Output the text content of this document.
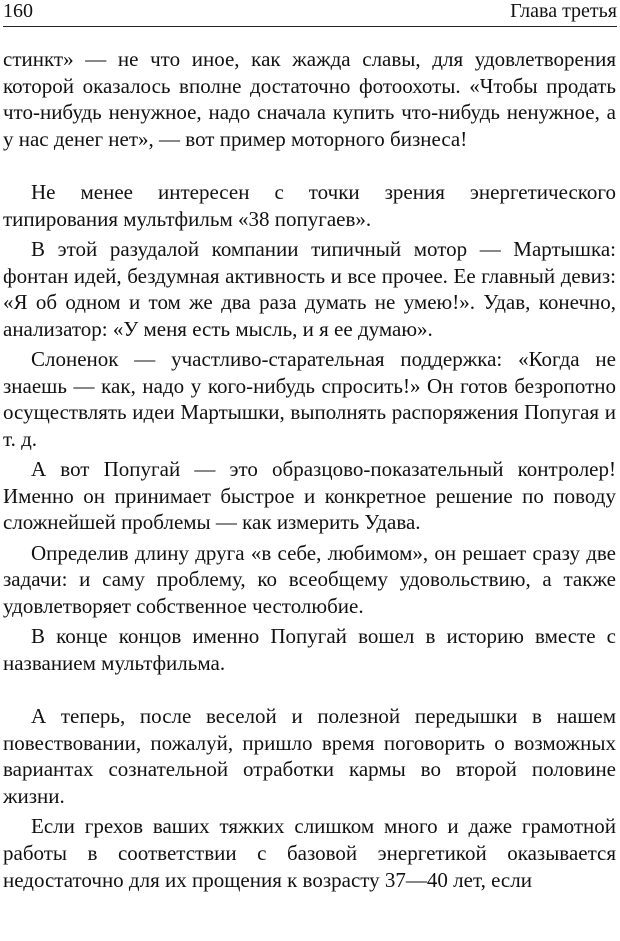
160	Глава третья

стинкт» — не что иное, как жажда славы, для удовлетворения которой оказалось вполне достаточно фотоохоты. «Чтобы продать что-нибудь ненужное, надо сначала купить что-нибудь ненужное, а у нас денег нет», — вот пример моторного бизнеса!

Не менее интересен с точки зрения энергетического типирования мультфильм «38 попугаев».

В этой разудалой компании типичный мотор — Мартышка: фонтан идей, бездумная активность и все прочее. Ее главный девиз: «Я об одном и том же два раза думать не умею!». Удав, конечно, анализатор: «У меня есть мысль, и я ее думаю».

Слоненок — участливо-старательная поддержка: «Когда не знаешь — как, надо у кого-нибудь спросить!» Он готов безропотно осуществлять идеи Мартышки, выполнять распоряжения Попугая и т. д.

А вот Попугай — это образцово-показательный контролер! Именно он принимает быстрое и конкретное решение по поводу сложнейшей проблемы — как измерить Удава.

Определив длину друга «в себе, любимом», он решает сразу две задачи: и саму проблему, ко всеобщему удовольствию, а также удовлетворяет собственное честолюбие.

В конце концов именно Попугай вошел в историю вместе с названием мультфильма.

А теперь, после веселой и полезной передышки в нашем повествовании, пожалуй, пришло время поговорить о возможных вариантах сознательной отработки кармы во второй половине жизни.

Если грехов ваших тяжких слишком много и даже грамотной работы в соответствии с базовой энергетикой оказывается недостаточно для их прощения к возрасту 37—40 лет, если
